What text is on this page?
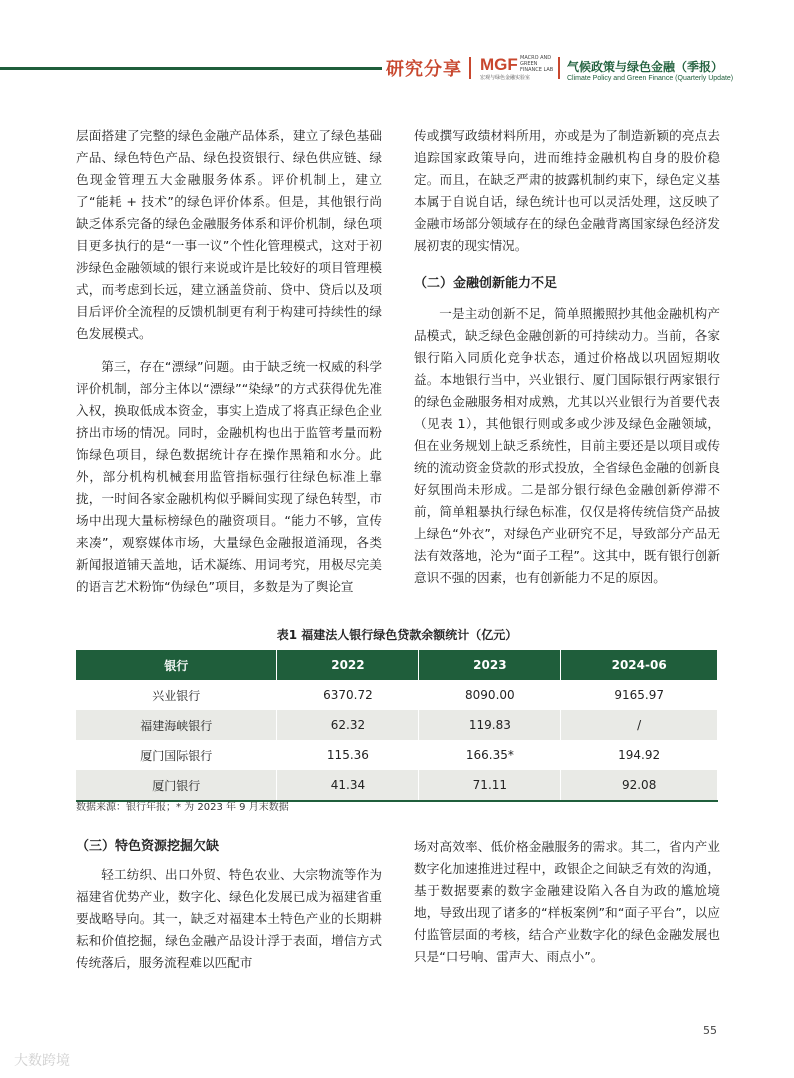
研究分享 MGF MACRO AND GREEN FINANCE LAB
宏观与绿色金融实验室
气候政策与绿色金融（季报）
Climate Policy and Green Finance (Quarterly Update)

层面搭建了完整的绿色金融产品体系，建立了绿色基础产品、绿色特色产品、绿色投资银行、绿色供应链、绿色现金管理五大金融服务体系。评价机制上，建立了“能耗 + 技术”的绿色评价体系。但是，其他银行尚缺乏体系完备的绿色金融服务体系和评价机制，绿色项目更多执行的是“一事一议”个性化管理模式，这对于初涉绿色金融领域的银行来说或许是比较好的项目管理模式，而考虑到长远，建立涵盖贷前、贷中、贷后以及项目后评价全流程的反馈机制更有利于构建可持续性的绿色发展模式。

第三，存在“漂绿”问题。由于缺乏统一权威的科学评价机制，部分主体以“漂绿”“染绿”的方式获得优先准入权，换取低成本资金，事实上造成了将真正绿色企业挤出市场的情况。同时，金融机构也出于监管考量而粉饰绿色项目，绿色数据统计存在操作黑箱和水分。此外，部分机构机械套用监管指标强行往绿色标准上靠拢，一时间各家金融机构似乎瞬间实现了绿色转型，市场中出现大量标榜绿色的融资项目。“能力不够，宣传来凑”，观察媒体市场，大量绿色金融报道涌现，各类新闻报道铺天盖地，话术凝练、用词考究，用极尽完美的语言艺术粉饰“伪绿色”项目，多数是为了舆论宣

传或撰写政绩材料所用，亦或是为了制造新颖的亮点去追踪国家政策导向，进而维持金融机构自身的股价稳定。而且，在缺乏严肃的披露机制约束下，绿色定义基本属于自说自话，绿色统计也可以灵活处理，这反映了金融市场部分领域存在的绿色金融背离国家绿色经济发展初衷的现实情况。

（二）金融创新能力不足

一是主动创新不足，简单照搬照抄其他金融机构产品模式，缺乏绿色金融创新的可持续动力。当前，各家银行陷入同质化竞争状态，通过价格战以巩固短期收益。本地银行当中，兴业银行、厦门国际银行两家银行的绿色金融服务相对成熟，尤其以兴业银行为首要代表（见表 1），其他银行则或多或少涉及绿色金融领域，但在业务规划上缺乏系统性，目前主要还是以项目或传统的流动资金贷款的形式投放，全省绿色金融的创新良好氛围尚未形成。二是部分银行绿色金融创新停滞不前，简单粗暴执行绿色标准，仅仅是将传统信贷产品披上绿色“外衣”，对绿色产业研究不足，导致部分产品无法有效落地，沦为“面子工程”。这其中，既有银行创新意识不强的因素，也有创新能力不足的原因。

表1 福建法人银行绿色贷款余额统计（亿元）
银行	2022	2023	2024-06
兴业银行	6370.72	8090.00	9165.97
福建海峡银行	62.32	119.83	/
厦门国际银行	115.36	166.35*	194.92
厦门银行	41.34	71.11	92.08
数据来源：银行年报；* 为 2023 年 9 月末数据

（三）特色资源挖掘欠缺

轻工纺织、出口外贸、特色农业、大宗物流等作为福建省优势产业，数字化、绿色化发展已成为福建省重要战略导向。其一，缺乏对福建本土特色产业的长期耕耘和价值挖掘，绿色金融产品设计浮于表面，增信方式传统落后，服务流程难以匹配市

场对高效率、低价格金融服务的需求。其二，省内产业数字化加速推进过程中，政银企之间缺乏有效的沟通，基于数据要素的数字金融建设陷入各自为政的尴尬境地，导致出现了诸多的“样板案例”和“面子平台”，以应付监管层面的考核，结合产业数字化的绿色金融发展也只是“口号响、雷声大、雨点小”。

55
大数跨境
